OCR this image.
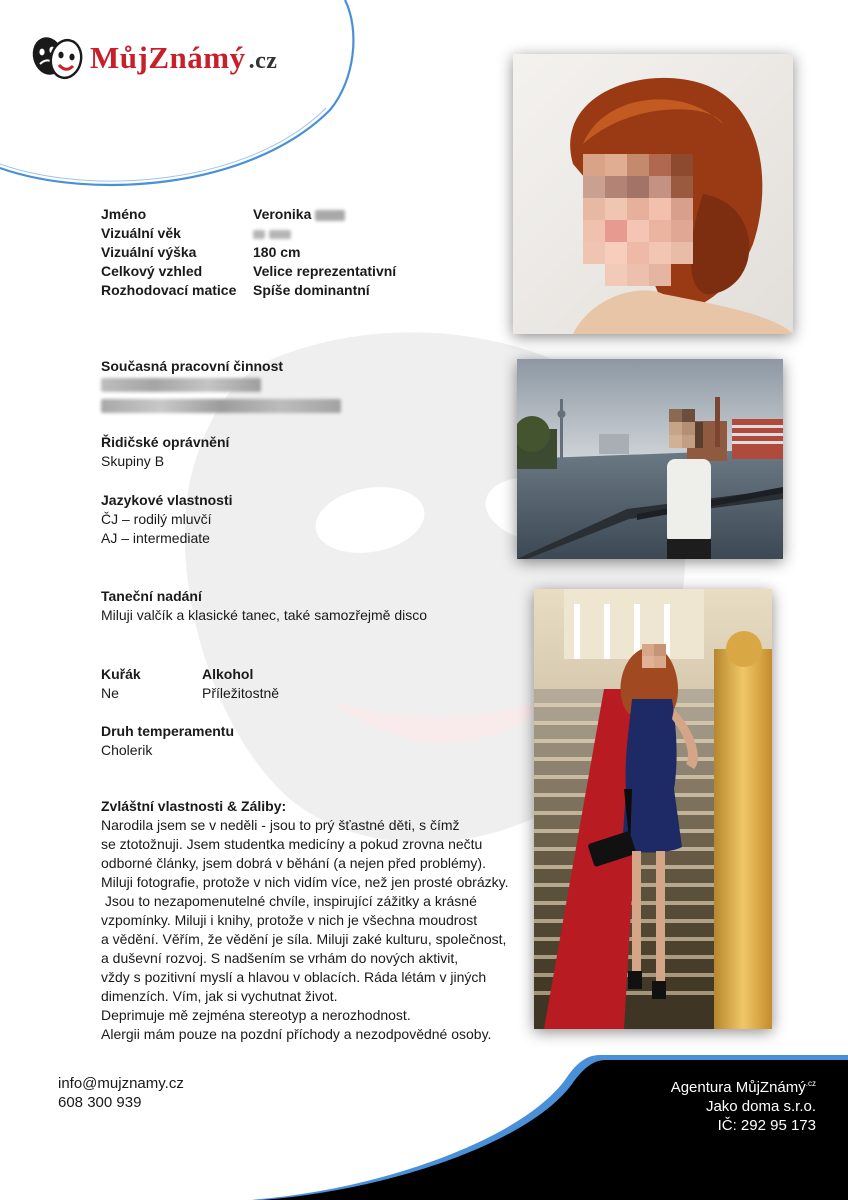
MůjZnámý .cz
Jméno	Veronika
Vizuální věk

Vizuální výška	180 cm
Celkový vzhled	Velice reprezentativní
Rozhodovací matice	Spíše dominantní
Současná pracovní činnost
Řidičské oprávnění
Skupiny B
Jazykové vlastnosti
ČJ – rodilý mluvčí
AJ – intermediate
Taneční nadání
Miluji valčík a klasické tanec, také samozřejmě disco
Kuřák
Ne
Alkohol
Příležitostně
Druh temperamentu
Cholerik
Zvláštní vlastnosti & Záliby:
Narodila jsem se v neděli - jsou to prý šťastné děti, s čímž
se ztotožnuji. Jsem studentka medicíny a pokud zrovna nečtu
odborné články, jsem dobrá v běhání (a nejen před problémy).
Miluji fotografie, protože v nich vidím více, než jen prosté obrázky.
Jsou to nezapomenutelné chvíle, inspirující zážitky a krásné
vzpomínky. Miluji i knihy, protože v nich je všechna moudrost
a vědění. Věřím, že vědění je síla. Miluji zaké kulturu, společnost,
a duševní rozvoj. S nadšením se vrhám do nových aktivit,
vždy s pozitivní myslí a hlavou v oblacích. Ráda létám v jiných
dimenzích. Vím, jak si vychutnat život.
Deprimuje mě zejména stereotyp a nerozhodnost.
Alergii mám pouze na pozdní příchody a nezodpovědné osoby.
info@mujznamy.cz
608 300 939
Agentura MůjZnámý$^{.cz}$
Jako doma s.r.o.
IČ: 292 95 173
